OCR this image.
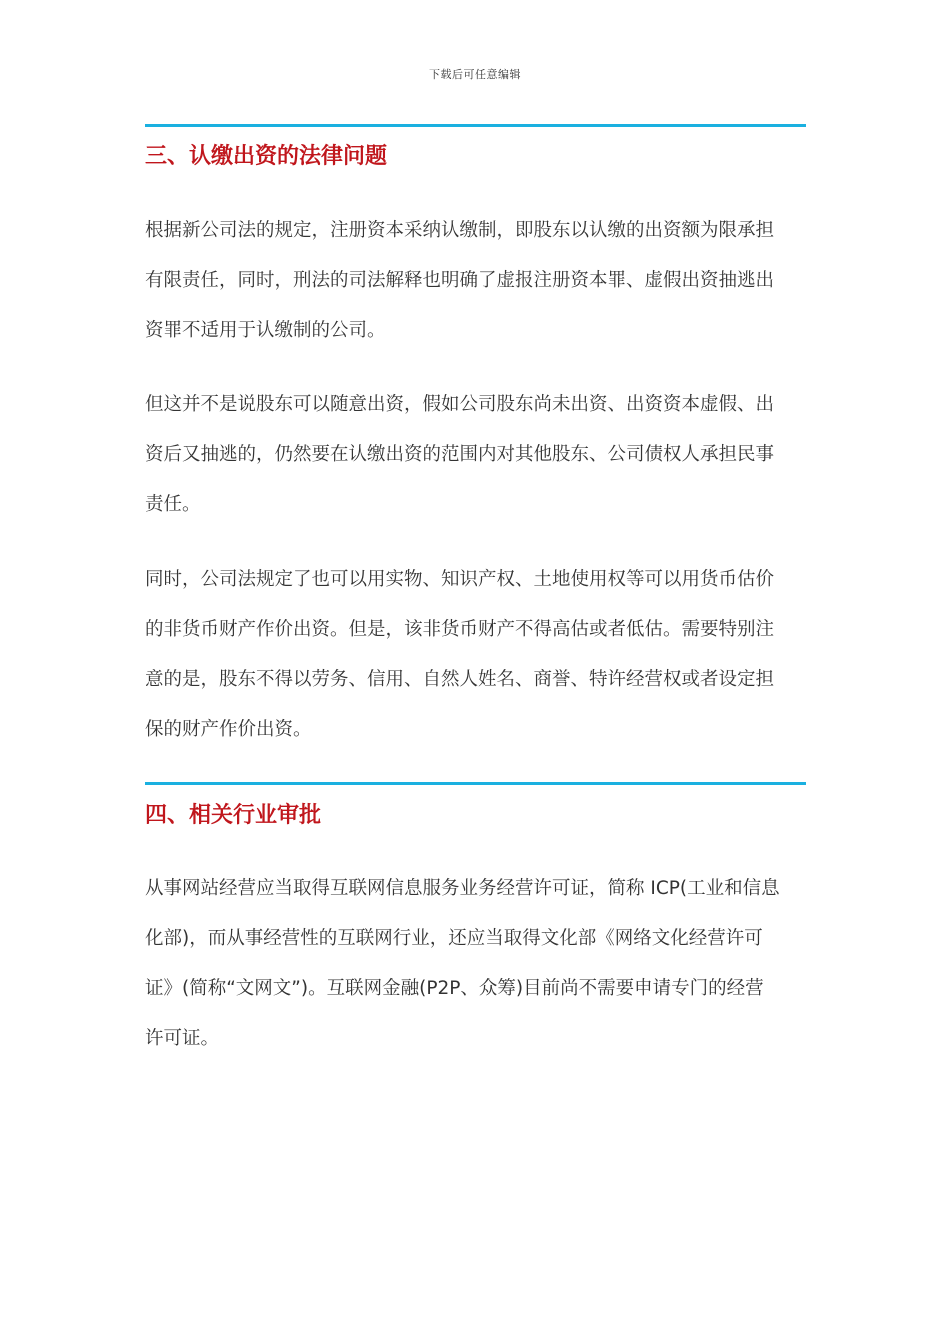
下载后可任意编辑
三、认缴出资的法律问题
根据新公司法的规定，注册资本采纳认缴制，即股东以认缴的出资额为限承担
有限责任，同时，刑法的司法解释也明确了虚报注册资本罪、虚假出资抽逃出
资罪不适用于认缴制的公司。
但这并不是说股东可以随意出资，假如公司股东尚未出资、出资资本虚假、出
资后又抽逃的，仍然要在认缴出资的范围内对其他股东、公司债权人承担民事
责任。
同时，公司法规定了也可以用实物、知识产权、土地使用权等可以用货币估价
的非货币财产作价出资。但是，该非货币财产不得高估或者低估。需要特别注
意的是，股东不得以劳务、信用、自然人姓名、商誉、特许经营权或者设定担
保的财产作价出资。
四、相关行业审批
从事网站经营应当取得互联网信息服务业务经营许可证，简称 ICP(工业和信息
化部)，而从事经营性的互联网行业，还应当取得文化部《网络文化经营许可
证》(简称“文网文”)。互联网金融(P2P、众筹)目前尚不需要申请专门的经营
许可证。
